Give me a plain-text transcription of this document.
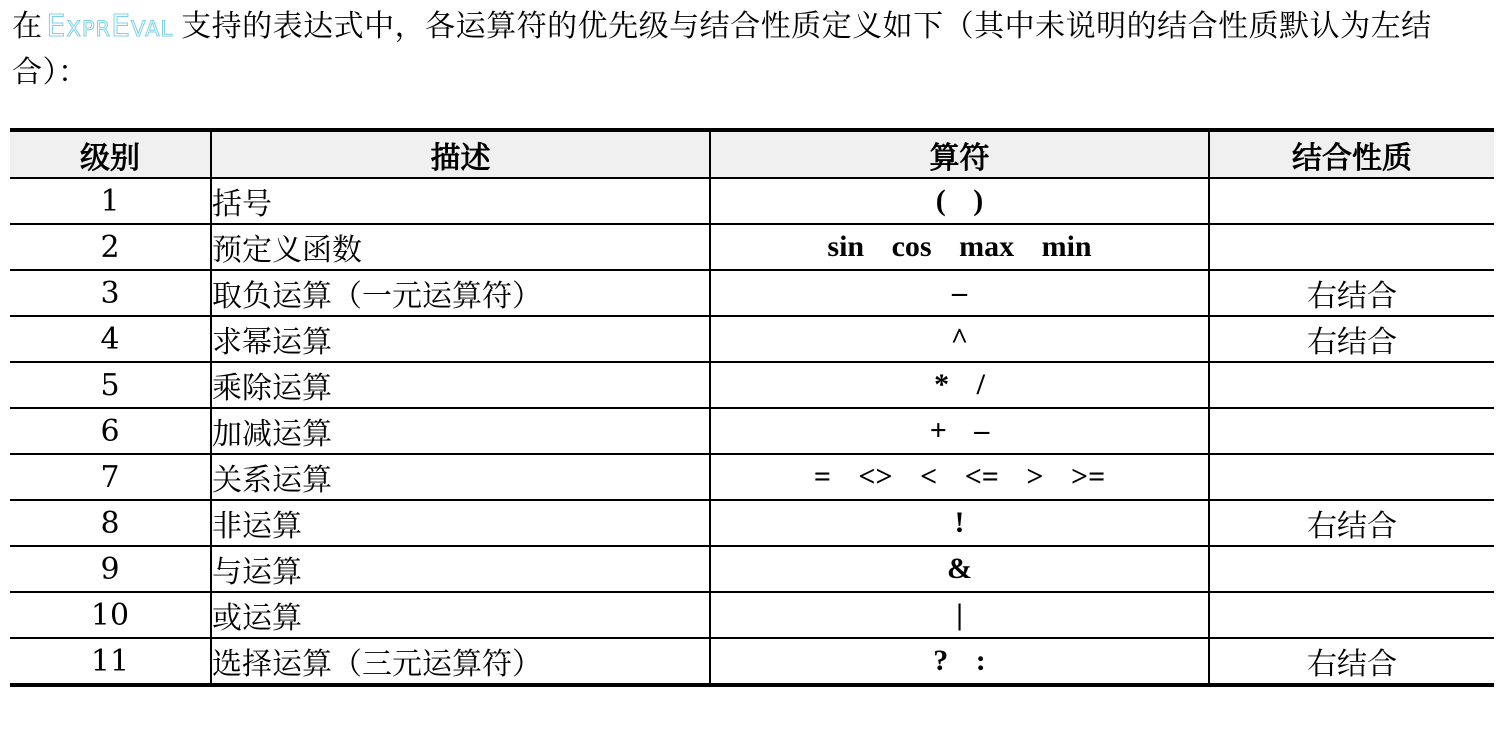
在 ExprEval 支持的表达式中，各运算符的优先级与结合性质定义如下（其中未说明的结合性质默认为左结合）：

级别	描述	算符	结合性质
1	括号	( )	
2	预定义函数	sin cos max min	
3	取负运算（一元运算符）	–	右结合
4	求幂运算	^	右结合
5	乘除运算	* /	
6	加减运算	+ –	
7	关系运算	= <> < <= > >=	
8	非运算	!	右结合
9	与运算	&	
10	或运算	|	
11	选择运算（三元运算符）	? :	右结合
